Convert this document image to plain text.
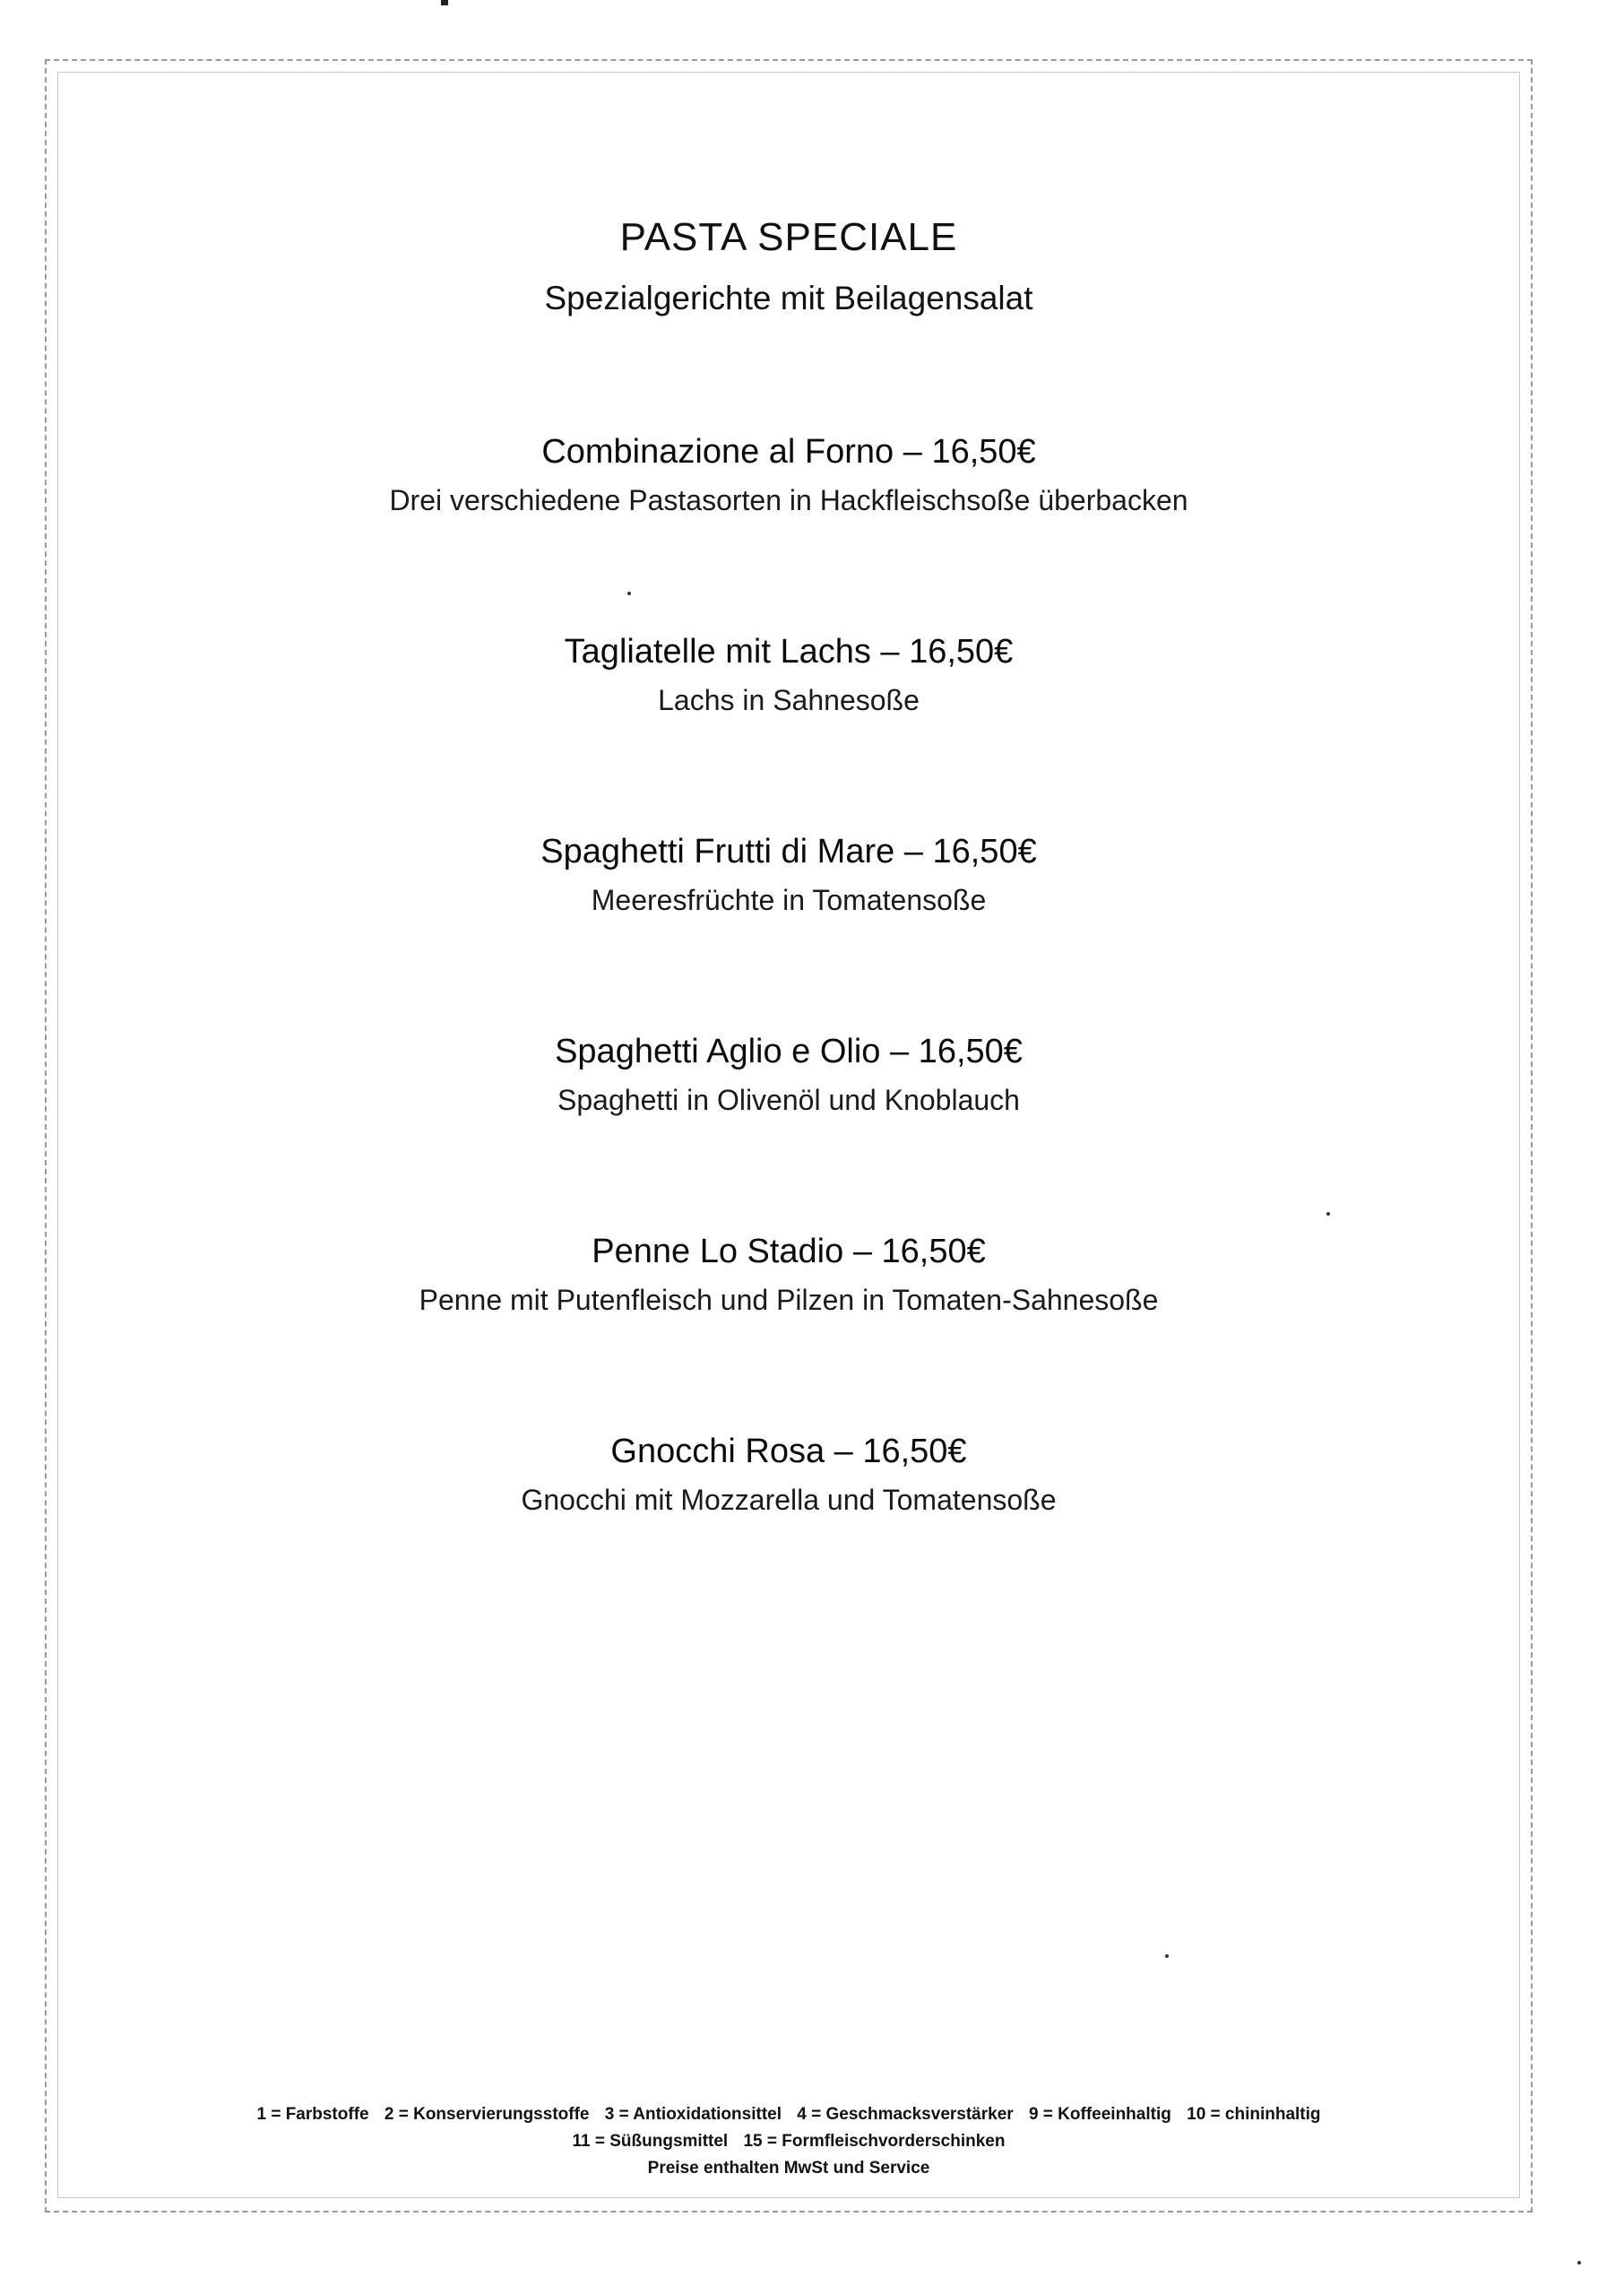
PASTA SPECIALE

Spezialgerichte mit Beilagensalat

Combinazione al Forno – 16,50€

Drei verschiedene Pastasorten in Hackfleischsoße überbacken

Tagliatelle mit Lachs – 16,50€

Lachs in Sahnesoße

Spaghetti Frutti di Mare – 16,50€

Meeresfrüchte in Tomatensoße

Spaghetti Aglio e Olio – 16,50€

Spaghetti in Olivenöl und Knoblauch

Penne Lo Stadio – 16,50€

Penne mit Putenfleisch und Pilzen in Tomaten-Sahnesoße

Gnocchi Rosa – 16,50€

Gnocchi mit Mozzarella und Tomatensoße

1 = Farbstoffe 2 = Konservierungsstoffe 3 = Antioxidationsittel 4 = Geschmacksverstärker 9 = Koffeeinhaltig 10 = chininhaltig
11 = Süßungsmittel 15 = Formfleischvorderschinken
Preise enthalten MwSt und Service
